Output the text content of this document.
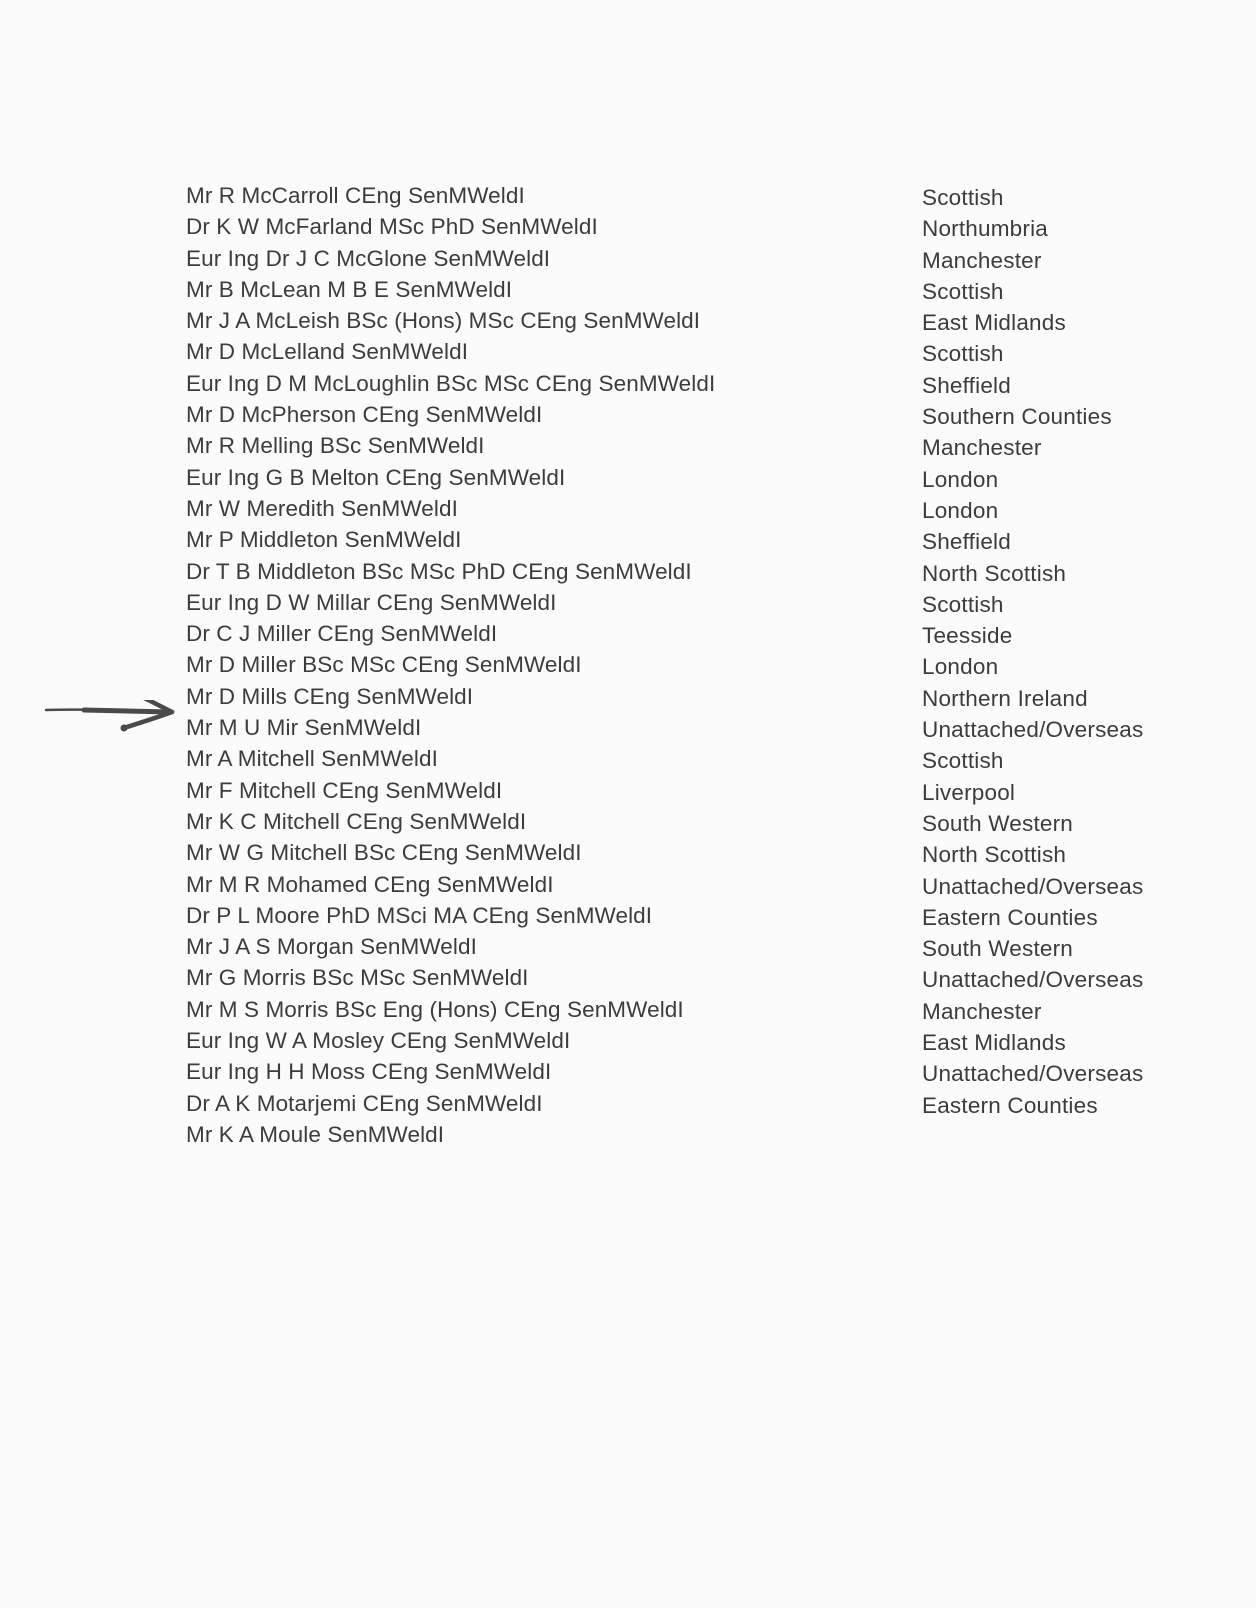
Mr R McCarroll CEng SenMWeldI	Scottish
Dr K W McFarland MSc PhD SenMWeldI	Northumbria
Eur Ing Dr J C McGlone SenMWeldI	Manchester
Mr B McLean M B E SenMWeldI	Scottish
Mr J A McLeish BSc (Hons) MSc CEng SenMWeldI	East Midlands
Mr D McLelland SenMWeldI	Scottish
Eur Ing D M McLoughlin BSc MSc CEng SenMWeldI	Sheffield
Mr D McPherson CEng SenMWeldI	Southern Counties
Mr R Melling BSc SenMWeldI	Manchester
Eur Ing G B Melton CEng SenMWeldI	London
Mr W Meredith SenMWeldI	London
Mr P Middleton SenMWeldI	Sheffield
Dr T B Middleton BSc MSc PhD CEng SenMWeldI	North Scottish
Eur Ing D W Millar CEng SenMWeldI	Scottish
Dr C J Miller CEng SenMWeldI	Teesside
Mr D Miller BSc MSc CEng SenMWeldI	London
Mr D Mills CEng SenMWeldI	Northern Ireland
Mr M U Mir SenMWeldI	Unattached/Overseas
Mr A Mitchell SenMWeldI	Scottish
Mr F Mitchell CEng SenMWeldI	Liverpool
Mr K C Mitchell CEng SenMWeldI	South Western
Mr W G Mitchell BSc CEng SenMWeldI	North Scottish
Mr M R Mohamed CEng SenMWeldI	Unattached/Overseas
Dr P L Moore PhD MSci MA CEng SenMWeldI	Eastern Counties
Mr J A S Morgan SenMWeldI	South Western
Mr G Morris BSc MSc SenMWeldI	Unattached/Overseas
Mr M S Morris BSc Eng (Hons) CEng SenMWeldI	Manchester
Eur Ing W A Mosley CEng SenMWeldI	East Midlands
Eur Ing H H Moss CEng SenMWeldI	Unattached/Overseas
Dr A K Motarjemi CEng SenMWeldI	Eastern Counties
Mr K A Moule SenMWeldI
